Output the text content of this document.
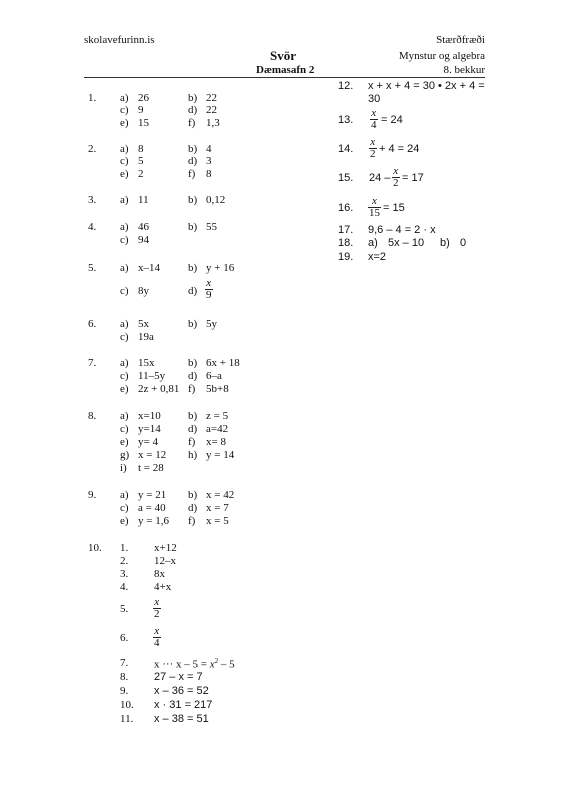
skolavefurinn.is	Stærðfræði
Svör	Mynstur og algebra
Dæmasafn 2	8. bekkur
1. a) 26	b) 22
c) 9	d) 22
e) 15	f) 1,3
2. a) 8	b) 4
c) 5	d) 3
e) 2	f) 8
3. a) 11	b) 0,12
4. a) 46	b) 55
c) 94
5. a) x–14	b) y + 16
c) 8y	$d) \frac{x}{9}$
6. a) 5x	b) 5y
c) 19a
7. a) 15x	b) 6x + 18
c) 11–5y d) 6–a
e) 2z + 0,81 f) 5b+8
8. a) x=10 b) z = 5
c) y=14 d) a=42
e) y= 4	f) x= 8
g) x = 12 h) y = 14
i) t = 28
9. a) y = 21 b) x = 42
c) a = 40 d) x = 7
e) y = 1,6 f) x = 5
10. 1. x+12
2. 12–x
3. 8x
4. 4+x
5. $\frac{x}{2}$
6. $\frac{x}{4}$
7. x ··· $x - 5 = x^2 - 5$
8. 27 – x = 7
9. x – 36 = 52
10. x · 31 = 217
11. x – 38 = 51
12. x + x + 4 = 30 • 2x + 4 =
30
13. $\frac{x}{4} = 24$
14. $\frac{x}{2} + 4 = 24$
15. $24 - \frac{x}{2} = 17$
16. $\frac{x}{15} = 15$
17. 9,6 – 4 = 2 · x
18. a) 5x – 10 b) 0
19. x=2
